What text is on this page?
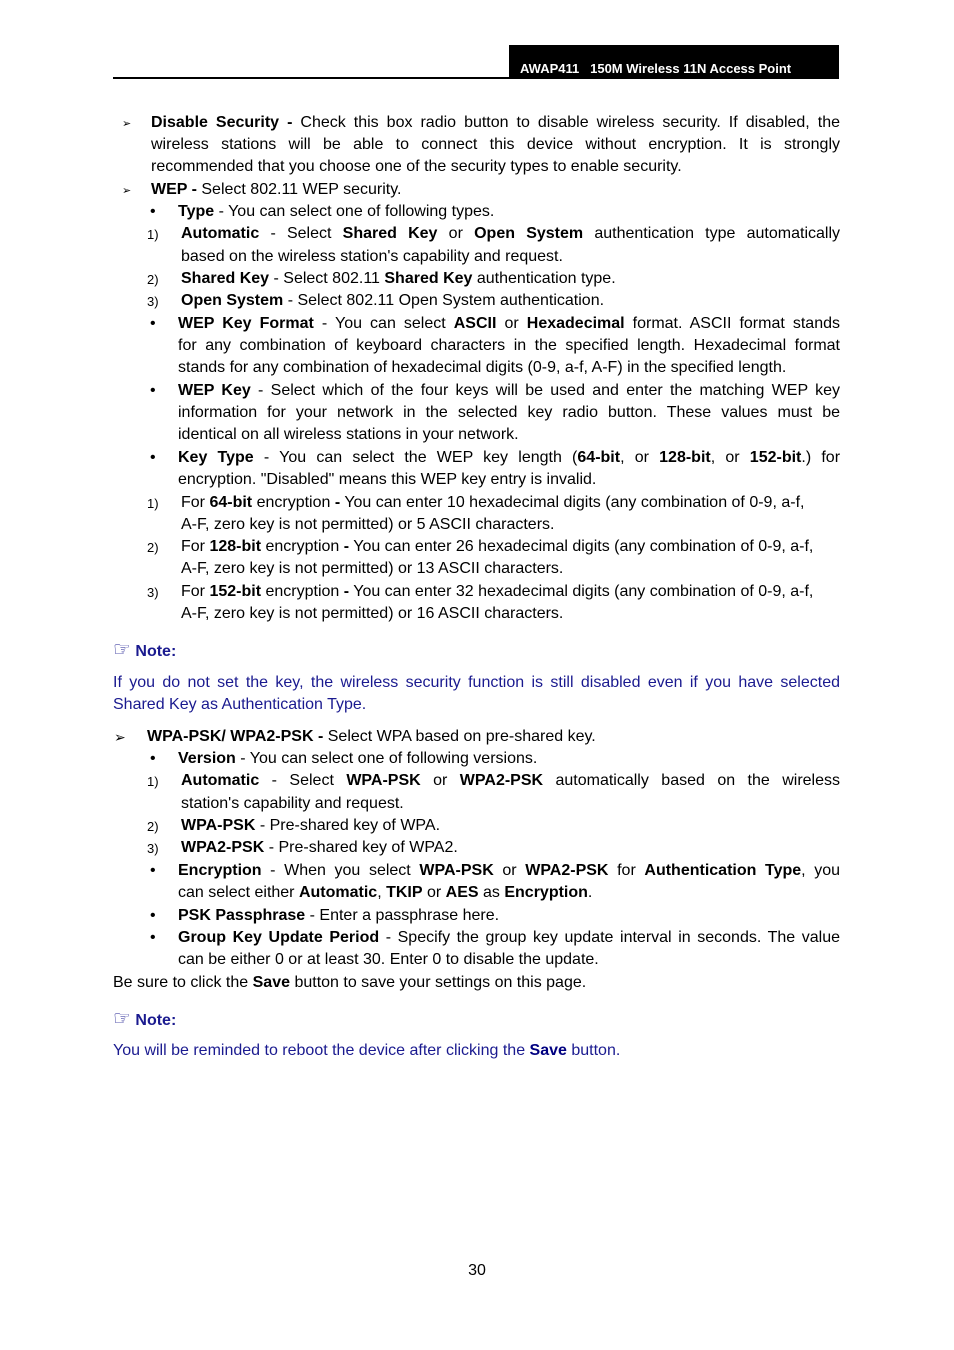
AWAP411 150M Wireless 11N Access Point
➢ Disable Security - Check this box radio button to disable wireless security. If disabled, the
wireless stations will be able to connect this device without encryption. It is strongly
recommended that you choose one of the security types to enable security.
➢ WEP - Select 802.11 WEP security.
• Type - You can select one of following types.
1) Automatic - Select Shared Key or Open System authentication type automatically
based on the wireless station's capability and request.
2) Shared Key - Select 802.11 Shared Key authentication type.
3) Open System - Select 802.11 Open System authentication.
• WEP Key Format - You can select ASCII or Hexadecimal format. ASCII format stands
for any combination of keyboard characters in the specified length. Hexadecimal format
stands for any combination of hexadecimal digits (0-9, a-f, A-F) in the specified length.
• WEP Key - Select which of the four keys will be used and enter the matching WEP key
information for your network in the selected key radio button. These values must be
identical on all wireless stations in your network.
• Key Type - You can select the WEP key length (64-bit, or 128-bit, or 152-bit.) for
encryption. "Disabled" means this WEP key entry is invalid.
1) For 64-bit encryption - You can enter 10 hexadecimal digits (any combination of 0-9, a-f,
A-F, zero key is not permitted) or 5 ASCII characters.
2) For 128-bit encryption - You can enter 26 hexadecimal digits (any combination of 0-9, a-f,
A-F, zero key is not permitted) or 13 ASCII characters.
3) For 152-bit encryption - You can enter 32 hexadecimal digits (any combination of 0-9, a-f,
A-F, zero key is not permitted) or 16 ASCII characters.
☞ Note:
If you do not set the key, the wireless security function is still disabled even if you have selected
Shared Key as Authentication Type.
➢ WPA-PSK/ WPA2-PSK - Select WPA based on pre-shared key.
• Version - You can select one of following versions.
1) Automatic - Select WPA-PSK or WPA2-PSK automatically based on the wireless
station's capability and request.
2) WPA-PSK - Pre-shared key of WPA.
3) WPA2-PSK - Pre-shared key of WPA2.
• Encryption - When you select WPA-PSK or WPA2-PSK for Authentication Type, you
can select either Automatic, TKIP or AES as Encryption.
• PSK Passphrase - Enter a passphrase here.
• Group Key Update Period - Specify the group key update interval in seconds. The value
can be either 0 or at least 30. Enter 0 to disable the update.
Be sure to click the Save button to save your settings on this page.
☞ Note:
You will be reminded to reboot the device after clicking the Save button.
30
